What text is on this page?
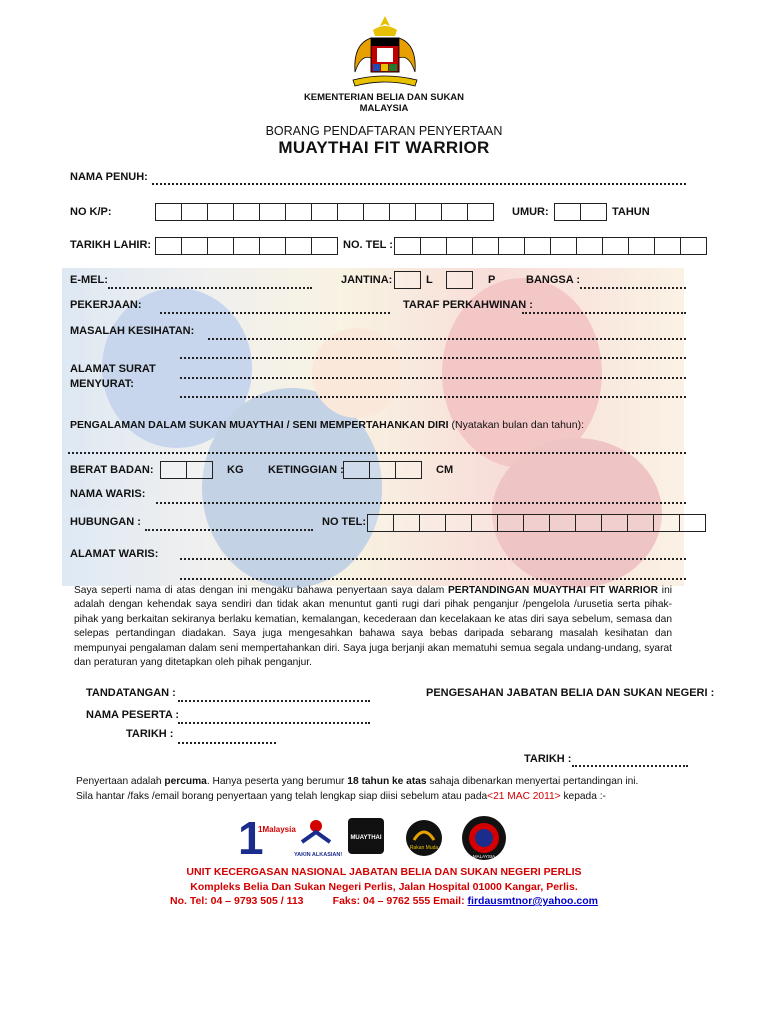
KEMENTERIAN BELIA DAN SUKAN
MALAYSIA
BORANG PENDAFTARAN PENYERTAAN
MUAYTHAI FIT WARRIOR
NAMA PENUH:
NO K/P:	UMUR:	TAHUN
TARIKH LAHIR:	NO. TEL :
E-MEL:	JANTINA:	L	P	BANGSA :
PEKERJAAN:	TARAF PERKAHWINAN :
MASALAH KESIHATAN:
ALAMAT SURAT
MENYURAT:
PENGALAMAN DALAM SUKAN MUAYTHAI / SENI MEMPERTAHANKAN DIRI (Nyatakan bulan dan tahun):
BERAT BADAN:	KG KETINGGIAN :	CM
NAMA WARIS:
HUBUNGAN :	NO TEL:
ALAMAT WARIS:
Saya seperti nama di atas dengan ini mengaku bahawa penyertaan saya dalam PERTANDINGAN MUAYTHAI FIT WARRIOR ini adalah dengan kehendak saya sendiri dan tidak akan menuntut ganti rugi dari pihak penganjur /pengelola /urusetia serta pihak-pihak yang berkaitan sekiranya berlaku kematian, kemalangan, kecederaan dan kecelakaan ke atas diri saya sebelum, semasa dan selepas pertandingan diadakan. Saya juga mengesahkan bahawa saya bebas daripada sebarang masalah kesihatan dan mempunyai pengalaman dalam seni mempertahankan diri. Saya juga berjanji akan mematuhi semua segala undang-undang, syarat dan peraturan yang ditetapkan oleh pihak penganjur.
TANDATANGAN :
NAMA PESERTA :
TARIKH :
PENGESAHAN JABATAN BELIA DAN SUKAN NEGERI :
TARIKH :
Penyertaan adalah percuma. Hanya peserta yang berumur 18 tahun ke atas sahaja dibenarkan menyertai pertandingan ini.
Sila hantar /faks /email borang penyertaan yang telah lengkap siap diisi sebelum atau pada<21 MAC 2011> kepada :-
1
1Malaysia
YAKIN ALKASIAN!
MUAYTHAI
Rakan Muda
MALAYSIA
UNIT KECERGASAN NASIONAL JABATAN BELIA DAN SUKAN NEGERI PERLIS
Kompleks Belia Dan Sukan Negeri Perlis, Jalan Hospital 01000 Kangar, Perlis.
No. Tel: 04 – 9793 505 / 113          Faks: 04 – 9762 555 Email: firdausmtnor@yahoo.com
